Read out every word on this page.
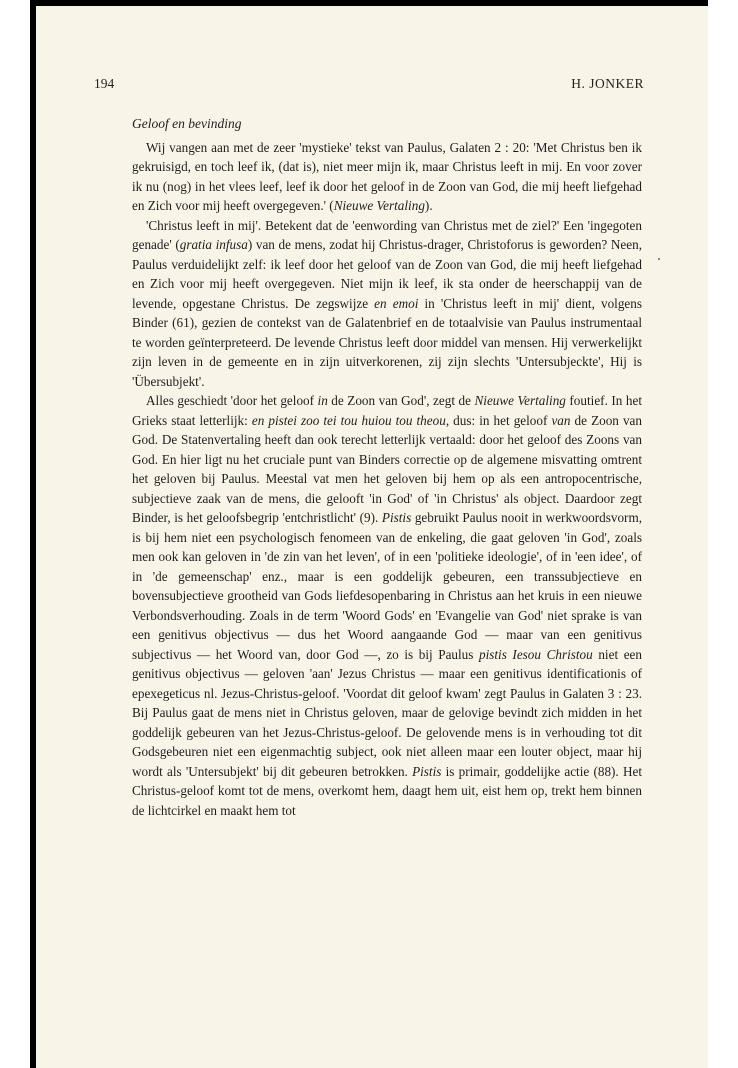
194	H. JONKER
Geloof en bevinding

Wij vangen aan met de zeer 'mystieke' tekst van Paulus, Galaten 2 : 20: 'Met Christus ben ik gekruisigd, en toch leef ik, (dat is), niet meer mijn ik, maar Christus leeft in mij. En voor zover ik nu (nog) in het vlees leef, leef ik door het geloof in de Zoon van God, die mij heeft liefgehad en Zich voor mij heeft overgegeven.' (Nieuwe Vertaling).

'Christus leeft in mij'. Betekent dat de 'eenwording van Christus met de ziel?' Een 'ingegoten genade' (gratia infusa) van de mens, zodat hij Christus-drager, Christoforus is geworden? Neen, Paulus verduidelijkt zelf: ik leef door het geloof van de Zoon van God, die mij heeft liefgehad en Zich voor mij heeft overgegeven. Niet mijn ik leef, ik sta onder de heerschappij van de levende, opgestane Christus. De zegswijze en emoi in 'Christus leeft in mij' dient, volgens Binder (61), gezien de contekst van de Galatenbrief en de totaalvisie van Paulus instrumentaal te worden geïnterpreteerd. De levende Christus leeft door middel van mensen. Hij verwerkelijkt zijn leven in de gemeente en in zijn uitverkorenen, zij zijn slechts 'Untersubjeckte', Hij is 'Übersubjekt'.

Alles geschiedt 'door het geloof in de Zoon van God', zegt de Nieuwe Vertaling foutief. In het Grieks staat letterlijk: en pistei zoo tei tou huiou tou theou, dus: in het geloof van de Zoon van God. De Statenvertaling heeft dan ook terecht letterlijk vertaald: door het geloof des Zoons van God. En hier ligt nu het cruciale punt van Binders correctie op de algemene misvatting omtrent het geloven bij Paulus. Meestal vat men het geloven bij hem op als een antropocentrische, subjectieve zaak van de mens, die gelooft 'in God' of 'in Christus' als object. Daardoor zegt Binder, is het geloofsbegrip 'entchristlicht' (9). Pistis gebruikt Paulus nooit in werkwoordsvorm, is bij hem niet een psychologisch fenomeen van de enkeling, die gaat geloven 'in God', zoals men ook kan geloven in 'de zin van het leven', of in een 'politieke ideologie', of in 'een idee', of in 'de gemeenschap' enz., maar is een goddelijk gebeuren, een transsubjectieve en bovensubjectieve grootheid van Gods liefdesopenbaring in Christus aan het kruis in een nieuwe Verbondsverhouding. Zoals in de term 'Woord Gods' en 'Evangelie van God' niet sprake is van een genitivus objectivus — dus het Woord aangaande God — maar van een genitivus subjectivus — het Woord van, door God —, zo is bij Paulus pistis Iesou Christou niet een genitivus objectivus — geloven 'aan' Jezus Christus — maar een genitivus identificationis of epexegeticus nl. Jezus-Christus-geloof. 'Voordat dit geloof kwam' zegt Paulus in Galaten 3 : 23. Bij Paulus gaat de mens niet in Christus geloven, maar de gelovige bevindt zich midden in het goddelijk gebeuren van het Jezus-Christus-geloof. De gelovende mens is in verhouding tot dit Godsgebeuren niet een eigenmachtig subject, ook niet alleen maar een louter object, maar hij wordt als 'Untersubjekt' bij dit gebeuren betrokken. Pistis is primair, goddelijke actie (88). Het Christus-geloof komt tot de mens, overkomt hem, daagt hem uit, eist hem op, trekt hem binnen de lichtcirkel en maakt hem tot
